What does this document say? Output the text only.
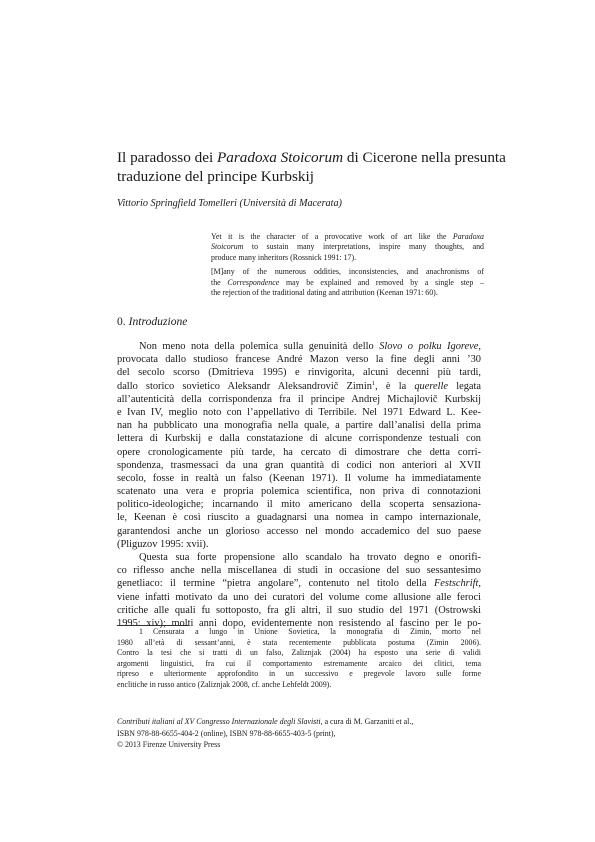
Il paradosso dei Paradoxa Stoicorum di Cicerone nella presunta
traduzione del principe Kurbskij
Vittorio Springfield Tomelleri (Università di Macerata)

Yet it is the character of a provocative work of art like the Paradoxa
Stoicorum to sustain many interpretations, inspire many thoughts, and
produce many inheritors (Rossnick 1991: 17).

[M]any of the numerous oddities, inconsistencies, and anachronisms of
the Correspondence may be explained and removed by a single step –
the rejection of the traditional dating and attribution (Keenan 1971: 60).

0. Introduzione
Non meno nota della polemica sulla genuinità dello Slovo o polku Igoreve,
provocata dallo studioso francese André Mazon verso la fine degli anni ’30
del secolo scorso (Dmitrieva 1995) e rinvigorita, alcuni decenni più tardi,
dallo storico sovietico Aleksandr Aleksandrovič Zimin$^1$, è la querelle legata
all’autenticità della corrispondenza fra il principe Andrej Michajlovič Kurbskij
e Ivan IV, meglio noto con l’appellativo di Terribile. Nel 1971 Edward L. Kee-
nan ha pubblicato una monografia nella quale, a partire dall’analisi della prima
lettera di Kurbskij e dalla constatazione di alcune corrispondenze testuali con
opere cronologicamente più tarde, ha cercato di dimostrare che detta corri-
spondenza, trasmessaci da una gran quantità di codici non anteriori al XVII
secolo, fosse in realtà un falso (Keenan 1971). Il volume ha immediatamente
scatenato una vera e propria polemica scientifica, non priva di connotazioni
politico-ideologiche; incarnando il mito americano della scoperta sensaziona-
le, Keenan è così riuscito a guadagnarsi una nomea in campo internazionale,
garantendosi anche un glorioso accesso nel mondo accademico del suo paese
(Pliguzov 1995: xvii).
Questa sua forte propensione allo scandalo ha trovato degno e onorifi-
co riflesso anche nella miscellanea di studi in occasione del suo sessantesimo
genetliaco: il termine “pietra angolare”, contenuto nel titolo della Festschrift,
viene infatti motivato da uno dei curatori del volume come allusione alle feroci
critiche alle quali fu sottoposto, fra gli altri, il suo studio del 1971 (Ostrowski
1995: xiv); molti anni dopo, evidentemente non resistendo al fascino per le po-
1 Censurata a lungo in Unione Sovietica, la monografia di Zimin, morto nel
1980 all’età di sessant’anni, è stata recentemente pubblicata postuma (Zimin 2006).
Contro la tesi che si tratti di un falso, Zaliznjak (2004) ha esposto una serie di validi
argomenti linguistici, fra cui il comportamento estremamente arcaico dei clitici, tema
ripreso e ulteriormente approfondito in un successivo e pregevole lavoro sulle forme
enclitiche in russo antico (Zaliznjak 2008, cf. anche Lehfeldt 2009).
Contributi italiani al XV Congresso Internazionale degli Slavisti, a cura di M. Garzaniti et al.,
ISBN 978-88-6655-404-2 (online), ISBN 978-88-6655-403-5 (print),
© 2013 Firenze University Press
